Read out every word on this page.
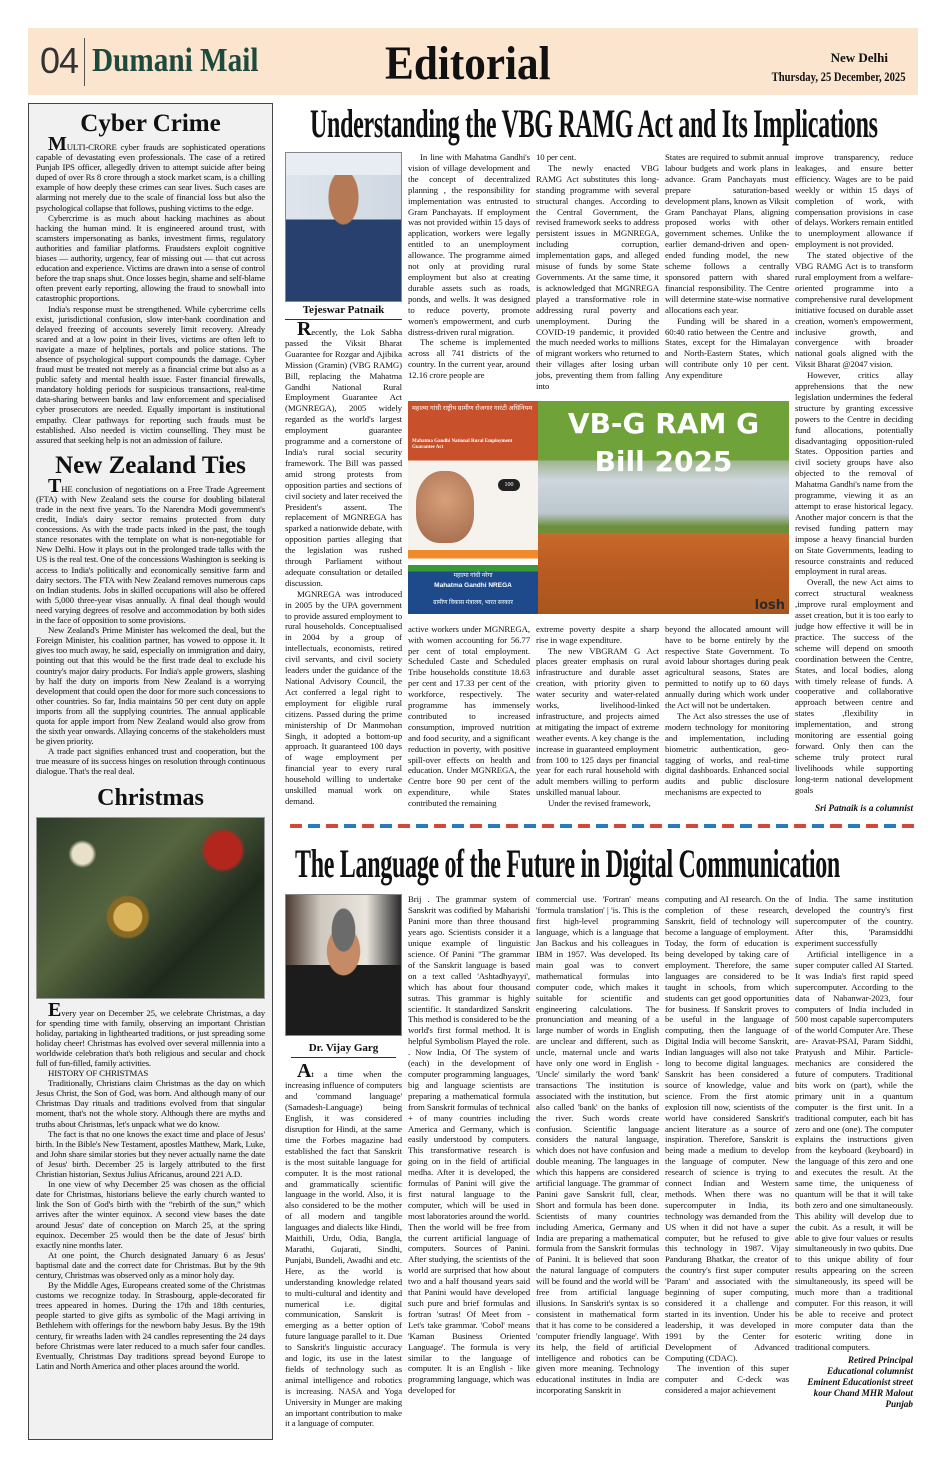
04 Dumani Mail	Editorial	New Delhi
Thursday, 25 December, 2025
Cyber Crime

MULTI-CRORE cyber frauds are sophisticated operations capable of devastating even professionals. The case of a retired Punjab IPS officer, allegedly driven to attempt suicide after being duped of over Rs 8 crore through a stock market scam, is a chilling example of how deeply these crimes can sear lives. Such cases are alarming not merely due to the scale of financial loss but also the psychological collapse that follows, pushing victims to the edge.

Cybercrime is as much about hacking machines as about hacking the human mind. It is engineered around trust, with scamsters impersonating as banks, investment firms, regulatory authorities and familiar platforms. Fraudsters exploit cognitive biases — authority, urgency, fear of missing out — that cut across education and experience. Victims are drawn into a sense of control before the trap snaps shut. Once losses begin, shame and self-blame often prevent early reporting, allowing the fraud to snowball into catastrophic proportions.

India's response must be strengthened. While cybercrime cells exist, jurisdictional confusion, slow inter-bank coordination and delayed freezing of accounts severely limit recovery. Already scared and at a low point in their lives, victims are often left to navigate a maze of helplines, portals and police stations. The absence of psychological support compounds the damage. Cyber fraud must be treated not merely as a financial crime but also as a public safety and mental health issue. Faster financial firewalls, mandatory holding periods for suspicious transactions, real-time data-sharing between banks and law enforcement and specialised cyber prosecutors are needed. Equally important is institutional empathy. Clear pathways for reporting such frauds must be established. Also needed is victim counselling. They must be assured that seeking help is not an admission of failure.

New Zealand Ties

THE conclusion of negotiations on a Free Trade Agreement (FTA) with New Zealand sets the course for doubling bilateral trade in the next five years. To the Narendra Modi government's credit, India's dairy sector remains protected from duty concessions. As with the trade pacts inked in the past, the tough stance resonates with the template on what is non-negotiable for New Delhi. How it plays out in the prolonged trade talks with the US is the real test. One of the concessions Washington is seeking is access to India's politically and economically sensitive farm and dairy sectors. The FTA with New Zealand removes numerous caps on Indian students. Jobs in skilled occupations will also be offered with 5,000 three-year visas annually. A final deal though would need varying degrees of resolve and accommodation by both sides in the face of opposition to some provisions.

New Zealand's Prime Minister has welcomed the deal, but the Foreign Minister, his coalition partner, has vowed to oppose it. It gives too much away, he said, especially on immigration and dairy, pointing out that this would be the first trade deal to exclude his country's major dairy products. For India's apple growers, slashing by half the duty on imports from New Zealand is a worrying development that could open the door for more such concessions to other countries. So far, India maintains 50 per cent duty on apple imports from all the supplying countries. The annual applicable quota for apple import from New Zealand would also grow from the sixth year onwards. Allaying concerns of the stakeholders must be given priority.

A trade pact signifies enhanced trust and cooperation, but the true measure of its success hinges on resolution through continuous dialogue. That's the real deal.

Christmas

Every year on December 25, we celebrate Christmas, a day for spending time with family, observing an important Christian holiday, partaking in lighthearted traditions, or just spreading some holiday cheer! Christmas has evolved over several millennia into a worldwide celebration that's both religious and secular and chock full of fun-filled, family activities.

HISTORY OF CHRISTMAS

Traditionally, Christians claim Christmas as the day on which Jesus Christ, the Son of God, was born. And although many of our Christmas Day rituals and traditions evolved from that singular moment, that's not the whole story. Although there are myths and truths about Christmas, let's unpack what we do know.

The fact is that no one knows the exact time and place of Jesus' birth. In the Bible's New Testament, apostles Matthew, Mark, Luke, and John share similar stories but they never actually name the date of Jesus' birth. December 25 is largely attributed to the first Christian historian, Sextus Julius Africanus, around 221 A.D.

In one view of why December 25 was chosen as the official date for Christmas, historians believe the early church wanted to link the Son of God's birth with the “rebirth of the sun,” which arrives after the winter equinox. A second view bases the date around Jesus' date of conception on March 25, at the spring equinox. December 25 would then be the date of Jesus' birth exactly nine months later.

At one point, the Church designated January 6 as Jesus' baptismal date and the correct date for Christmas. But by the 9th century, Christmas was observed only as a minor holy day.

By the Middle Ages, Europeans created some of the Christmas customs we recognize today. In Strasbourg, apple-decorated fir trees appeared in homes. During the 17th and 18th centuries, people started to give gifts as symbolic of the Magi arriving in Bethlehem with offerings for the newborn baby Jesus. By the 19th century, fir wreaths laden with 24 candles representing the 24 days before Christmas were later reduced to a much safer four candles. Eventually, Christmas Day traditions spread beyond Europe to Latin and North America and other places around the world.

Understanding the VBG RAMG Act and Its Implications
Tejeswar Patnaik

Recently, the Lok Sabha passed the Viksit Bharat Guarantee for Rozgar and Ajibika Mission (Gramin) (VBG RAMG) Bill, replacing the Mahatma Gandhi National Rural Employment Guarantee Act (MGNREGA), 2005 widely regarded as the world's largest employment guarantee programme and a cornerstone of India's rural social security framework. The Bill was passed amid strong protests from opposition parties and sections of civil society and later received the President's assent. The replacement of MGNREGA has sparked a nationwide debate, with opposition parties alleging that the legislation was rushed through Parliament without adequate consultation or detailed discussion.

MGNREGA was introduced in 2005 by the UPA government to provide assured employment to rural households. Conceptualised in 2004 by a group of intellectuals, economists, retired civil servants, and civil society leaders under the guidance of the National Advisory Council, the Act conferred a legal right to employment for eligible rural citizens. Passed during the prime ministership of Dr Manmohan Singh, it adopted a bottom-up approach. It guaranteed 100 days of wage employment per financial year to every rural household willing to undertake unskilled manual work on demand.

In line with Mahatma Gandhi's vision of village development and the concept of decentralized planning , the responsibility for implementation was entrusted to Gram Panchayats. If employment was not provided within 15 days of application, workers were legally entitled to an unemployment allowance. The programme aimed not only at providing rural employment but also at creating durable assets such as roads, ponds, and wells. It was designed to reduce poverty, promote women's empowerment, and curb distress-driven rural migration.

The scheme is implemented across all 741 districts of the country. In the current year, around 12.16 crore people are

10 per cent.

The newly enacted VBG RAMG Act substitutes this long-standing programme with several structural changes. According to the Central Government, the revised framework seeks to address persistent issues in MGNREGA, including corruption, implementation gaps, and alleged misuse of funds by some State Governments. At the same time, it is acknowledged that MGNREGA played a transformative role in addressing rural poverty and unemployment. During the COVID-19 pandemic, it provided the much needed works to millions of migrant workers who returned to their villages after losing urban jobs, preventing them from falling into

States are required to submit annual labour budgets and work plans in advance. Gram Panchayats must prepare saturation-based development plans, known as Viksit Gram Panchayat Plans, aligning proposed works with other government schemes. Unlike the earlier demand-driven and open-ended funding model, the new scheme follows a centrally sponsored pattern with shared financial responsibility. The Centre will determine state-wise normative allocations each year.

Funding will be shared in a 60:40 ratio between the Centre and States, except for the Himalayan and North-Eastern States, which will contribute only 10 per cent. Any expenditure

improve transparency, reduce leakages, and ensure better efficiency. Wages are to be paid weekly or within 15 days of completion of work, with compensation provisions in case of delays. Workers remain entitled to unemployment allowance if employment is not provided.

The stated objective of the VBG RAMG Act is to transform rural employment from a welfare-oriented programme into a comprehensive rural development initiative focused on durable asset creation, women's empowerment, inclusive growth, and convergence with broader national goals aligned with the Viksit Bharat @2047 vision.

However, critics allay apprehensions that the new legislation undermines the federal structure by granting excessive powers to the Centre in deciding fund allocations, potentially disadvantaging opposition-ruled States. Opposition parties and civil society groups have also objected to the removal of Mahatma Gandhi's name from the programme, viewing it as an attempt to erase historical legacy. Another major concern is that the revised funding pattern may impose a heavy financial burden on State Governments, leading to resource constraints and reduced employment in rural areas.

Overall, the new Act aims to correct structural weakness ,improve rural employment and asset creation, but it is too early to judge how effective it will be in practice. The success of the scheme will depend on smooth coordination between the Centre, States, and local bodies, along with timely release of funds. A cooperative and collaborative approach between centre and states ,flexibility in implementation, and strong monitoring are essential going forward. Only then can the scheme truly protect rural livelihoods while supporting long-term national development goals

Sri Patnaik is a columnist
महात्मा गांधी राष्ट्रीय ग्रामीण रोजगार गारंटी अधिनियम
Mahatma Gandhi National Rural Employment Guarantee Act
100
महात्मा गांधी नरेगा
Mahatma Gandhi NREGA
ग्रामीण विकास मंत्रालय, भारत सरकार
VB-G RAM G
Bill 2025
losh

active workers under MGNREGA, with women accounting for 56.77 per cent of total employment. Scheduled Caste and Scheduled Tribe households constitute 18.63 per cent and 17.33 per cent of the workforce, respectively. The programme has immensely contributed to increased consumption, improved nutrition and food security, and a significant reduction in poverty, with positive spill-over effects on health and education. Under MGNREGA, the Centre bore 90 per cent of the expenditure, while States contributed the remaining

extreme poverty despite a sharp rise in wage expenditure.

The new VBGRAM G Act places greater emphasis on rural infrastructure and durable asset creation, with priority given to water security and water-related works, livelihood-linked infrastructure, and projects aimed at mitigating the impact of extreme weather events. A key change is the increase in guaranteed employment from 100 to 125 days per financial year for each rural household with adult members willing to perform unskilled manual labour.

Under the revised framework,

beyond the allocated amount will have to be borne entirely by the respective State Government. To avoid labour shortages during peak agricultural seasons, States are permitted to notify up to 60 days annually during which work under the Act will not be undertaken.

The Act also stresses the use of modern technology for monitoring and implementation, including biometric authentication, geo-tagging of works, and real-time digital dashboards. Enhanced social audits and public disclosure mechanisms are expected to

The Language of the Future in Digital Communication
Dr. Vijay Garg

At a time when the increasing influence of computers and 'command language' (Samadesh-Language) being English, it was considered disruption for Hindi, at the same time the Forbes magazine had established the fact that Sanskrit is the most suitable language for computer. It is the most rational and grammatically scientific language in the world. Also, it is also considered to be the mother of all modern and tangible languages and dialects like Hindi, Maithili, Urdu, Odia, Bangla, Marathi, Gujarati, Sindhi, Punjabi, Bundeli, Awadhi and etc. Here, as the world is understanding knowledge related to multi-cultural and identity and numerical i.e. digital communication, Sanskrit is emerging as a better option of future language parallel to it. Due to Sanskrit's linguistic accuracy and logic, its use in the latest fields of technology such as animal intelligence and robotics is increasing. NASA and Yoga University in Munger are making an important contribution to make it a language of computer.

Brij . The grammar system of Sanskrit was codified by Maharishi Panini more than three thousand years ago. Scientists consider it a unique example of linguistic science. Of Panini "The grammar of the Sanskrit language is based on a text called 'Ashtadhyayyi', which has about four thousand sutras. This grammar is highly scientific. It standardized Sanskrit This method is considered to be the world's first formal method. It is helpful Symbolism Played the role. . Now India, Of The system of (each) in the development of computer programming languages, big and language scientists are preparing a mathematical formula from Sanskrit formulas of technical + of many countries including America and Germany, which is easily understood by computers. This transformative research is going on in the field of artificial medha. After it is developed, the formulas of Panini will give the first natural language to the computer, which will be used in most laboratories around the world. Then the world will be free from the current artificial language of computers. Sources of Panini. After studying, the scientists of the world are surprised that how about two and a half thousand years said that Panini would have developed such pure and brief formulas and fortran 'sutras! Of Meet from - Let's take grammar. 'Cobol' means 'Kaman Business Oriented Language'. The formula is very similar to the language of computer. It is an English - like programming language, which was developed for

commercial use. 'Fortran' means 'formula translation' | 'is. This is the first high-level programming language, which is a language that Jan Backus and his colleagues in IBM in 1957. Was developed. Its main goal was to convert mathematical formulas into computer code, which makes it suitable for scientific and engineering calculations. The pronunciation and meaning of a large number of words in English are unclear and different, such as uncle, maternal uncle and warts have only one word in English - 'Uncle' similarly the word 'bank' transactions The institution is associated with the institution, but also called 'bank' on the banks of the river. Such words create confusion. Scientific language considers the natural language, which does not have confusion and double meaning. The languages in which this happens are considered artificial language. The grammar of Panini gave Sanskrit full, clear, Short and formula has been done. Scientists of many countries including America, Germany and India are preparing a mathematical formula from the Sanskrit formulas of Panini. It is believed that soon the natural language of computers will be found and the world will be free from artificial language illusions. In Sanskrit's syntax is so consistent in mathematical form that it has come to be considered a 'computer friendly language'. With its help, the field of artificial intelligence and robotics can be given more meaning. Technology educational institutes in India are incorporating Sanskrit in

computing and AI research. On the completion of these research, Sanskrit, field of technology will become a language of employment. Today, the form of education is being developed by taking care of employment. Therefore, the same languages are considered to be taught in schools, from which students can get good opportunities for business. If Sanskrit proves to be useful in the language of computing, then the language of Digital India will become Sanskrit, Indian languages will also not take long to become digital languages. Sanskrit has been considered a source of knowledge, value and science. From the first atomic explosion till now, scientists of the world have considered Sanskrit's ancient literature as a source of inspiration. Therefore, Sanskrit is being made a medium to develop the language of computer. New research of science is trying to connect Indian and Western methods. When there was no supercomputer in India, its technology was demanded from the US when it did not have a super computer, but he refused to give this technology in 1987. Vijay Pandurang Bhatkar, the creator of the country's first super computer 'Param' and associated with the beginning of super computing, considered it a challenge and started in its invention. Under his leadership, it was developed in 1991 by the Center for Development of Advanced Computing (CDAC).

The invention of this super computer and C-deck was considered a major achievement

of India. The same institution developed the country's first supercomputer of the country. After this, 'Paramsiddhi experiment successfully

Artificial intelligence in a super computer called AI Started. It was India's first rapid speed supercomputer. According to the data of Nabanwar-2023, four computers of India included in 500 most capable supercomputers of the world Computer Are. These are- Aravat-PSAI, Param Siddhi, Pratyush and Mihir. Particle-mechanics are considered the future of computers. Traditional bits work on (part), while the primary unit in a quantum computer is the first unit. In a traditional computer, each bit has zero and one (one). The computer explains the instructions given from the keyboard (keyboard) in the language of this zero and one and executes the result. At the same time, the uniqueness of quantum will be that it will take both zero and one simultaneously. This ability will develop due to the cubit. As a result, it will be able to give four values or results simultaneously in two qubits. Due to this unique ability of four results appearing on the screen simultaneously, its speed will be much more than a traditional computer. For this reason, it will be able to receive and protect more computer data than the esoteric writing done in traditional computers.

Retired Principal
Educational columnist
Eminent Educationist street
kour Chand MHR Malout
Punjab
